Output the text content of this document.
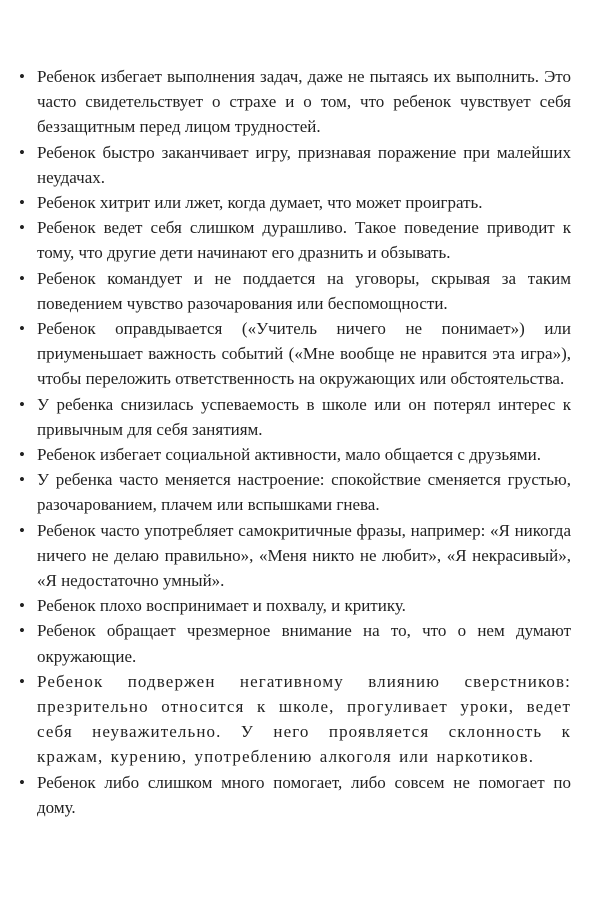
• Ребенок избегает выполнения задач, даже не пытаясь их выполнить. Это часто свидетельствует о страхе и о том, что ребенок чувствует себя беззащитным перед лицом трудностей.
• Ребенок быстро заканчивает игру, признавая поражение при малейших неудачах.
• Ребенок хитрит или лжет, когда думает, что может проиграть.
• Ребенок ведет себя слишком дурашливо. Такое поведение приводит к тому, что другие дети начинают его дразнить и обзывать.
• Ребенок командует и не поддается на уговоры, скрывая за таким поведением чувство разочарования или беспомощности.
• Ребенок оправдывается («Учитель ничего не понимает») или приуменьшает важность событий («Мне вообще не нравится эта игра»), чтобы переложить ответственность на окружающих или обстоятельства.
• У ребенка снизилась успеваемость в школе или он потерял интерес к привычным для себя занятиям.
• Ребенок избегает социальной активности, мало общается с друзьями.
• У ребенка часто меняется настроение: спокойствие сменяется грустью, разочарованием, плачем или вспышками гнева.
• Ребенок часто употребляет самокритичные фразы, например: «Я никогда ничего не делаю правильно», «Меня никто не любит», «Я некрасивый», «Я недостаточно умный».
• Ребенок плохо воспринимает и похвалу, и критику.
• Ребенок обращает чрезмерное внимание на то, что о нем думают окружающие.
• Ребенок подвержен негативному влиянию сверстников: презрительно относится к школе, прогуливает уроки, ведет себя неуважительно. У него проявляется склонность к кражам, курению, употреблению алкоголя или наркотиков.
• Ребенок либо слишком много помогает, либо совсем не помогает по дому.
